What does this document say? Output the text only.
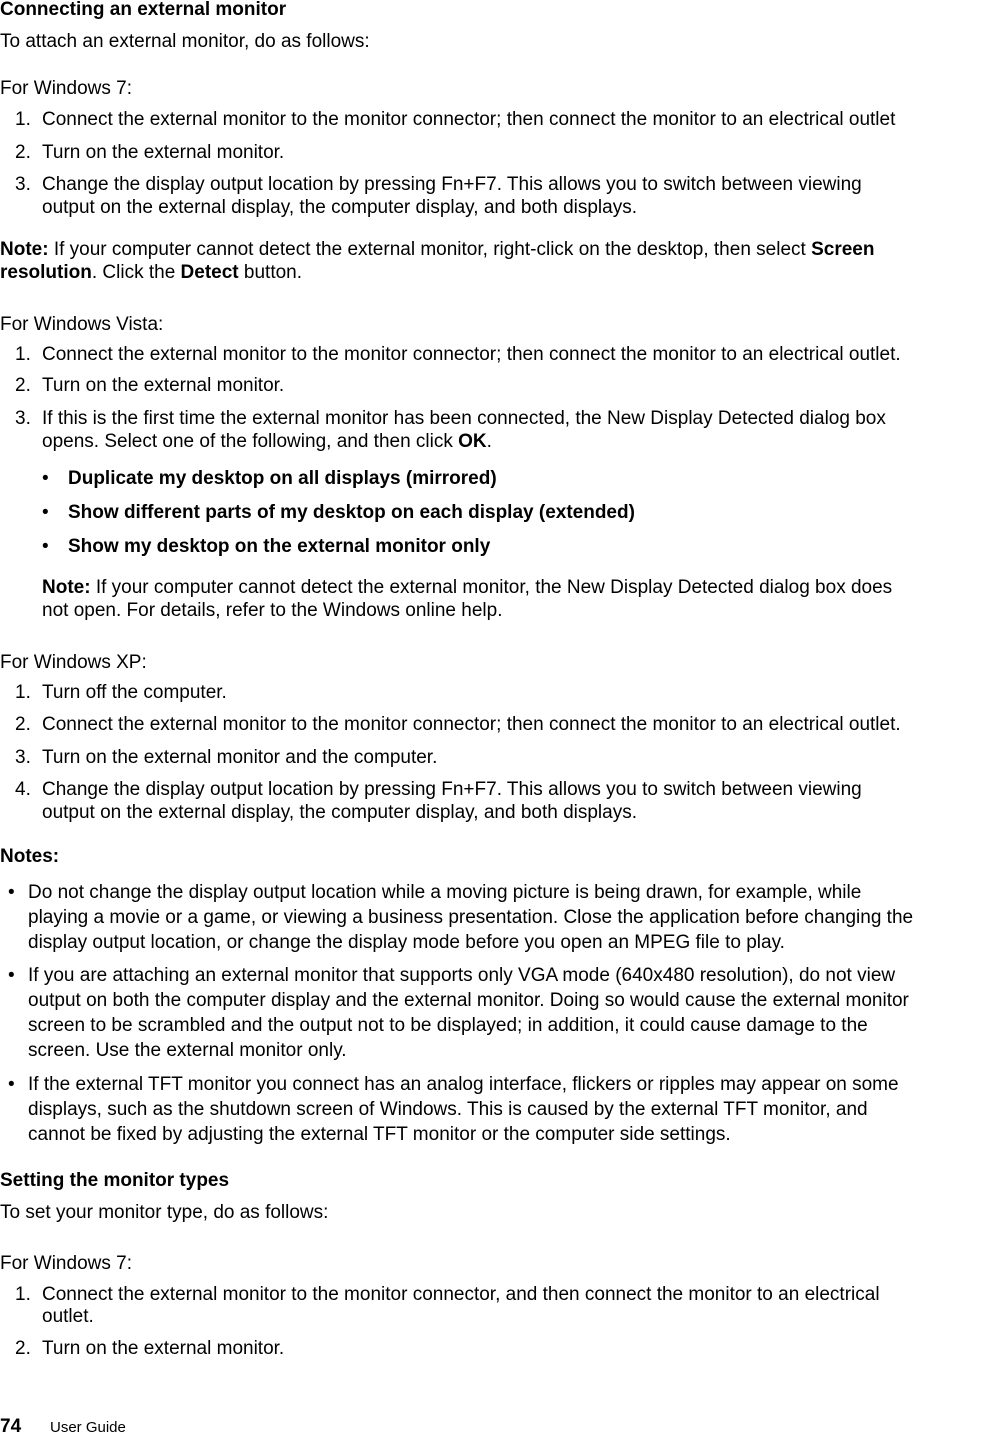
Connecting an external monitor
To attach an external monitor, do as follows:
For Windows 7:
1. Connect the external monitor to the monitor connector; then connect the monitor to an electrical outlet
2. Turn on the external monitor.
3. Change the display output location by pressing Fn+F7. This allows you to switch between viewing
output on the external display, the computer display, and both displays.
Note: If your computer cannot detect the external monitor, right-click on the desktop, then select Screen
resolution. Click the Detect button.
For Windows Vista:
1. Connect the external monitor to the monitor connector; then connect the monitor to an electrical outlet.
2. Turn on the external monitor.
3. If this is the first time the external monitor has been connected, the New Display Detected dialog box
opens. Select one of the following, and then click OK.
• Duplicate my desktop on all displays (mirrored)
• Show different parts of my desktop on each display (extended)
• Show my desktop on the external monitor only
Note: If your computer cannot detect the external monitor, the New Display Detected dialog box does
not open. For details, refer to the Windows online help.
For Windows XP:
1. Turn off the computer.
2. Connect the external monitor to the monitor connector; then connect the monitor to an electrical outlet.
3. Turn on the external monitor and the computer.
4. Change the display output location by pressing Fn+F7. This allows you to switch between viewing
output on the external display, the computer display, and both displays.
Notes:
• Do not change the display output location while a moving picture is being drawn, for example, while
playing a movie or a game, or viewing a business presentation. Close the application before changing the
display output location, or change the display mode before you open an MPEG file to play.
• If you are attaching an external monitor that supports only VGA mode (640x480 resolution), do not view
output on both the computer display and the external monitor. Doing so would cause the external monitor
screen to be scrambled and the output not to be displayed; in addition, it could cause damage to the
screen. Use the external monitor only.
• If the external TFT monitor you connect has an analog interface, flickers or ripples may appear on some
displays, such as the shutdown screen of Windows. This is caused by the external TFT monitor, and
cannot be fixed by adjusting the external TFT monitor or the computer side settings.
Setting the monitor types
To set your monitor type, do as follows:
For Windows 7:
1. Connect the external monitor to the monitor connector, and then connect the monitor to an electrical
outlet.
2. Turn on the external monitor.
74 User Guide
